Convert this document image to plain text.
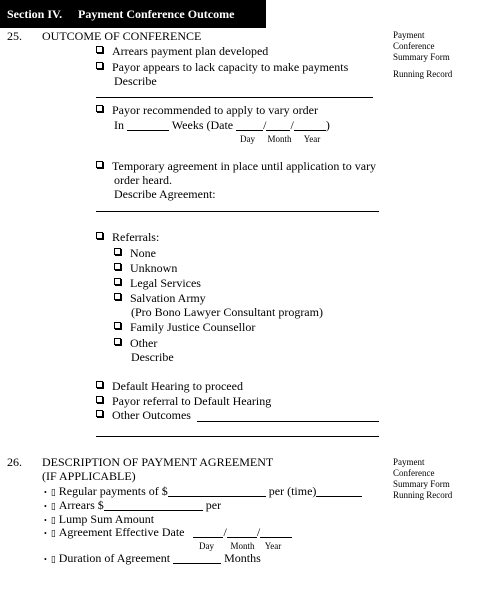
Section IV. Payment Conference Outcome
Payment
Conference
Summary Form
Running Record
25. OUTCOME OF CONFERENCE
Arrears payment plan developed
Payor appears to lack capacity to make payments
Describe
Payor recommended to apply to vary order
In	Weeks (Date	/ /	)
Day Month Year
Temporary agreement in place until application to vary
order heard.
Describe Agreement:
Referrals:
None
Unknown
Legal Services
Salvation Army
(Pro Bono Lawyer Consultant program)
Family Justice Counsellor
Other
Describe
Default Hearing to proceed
Payor referral to Default Hearing
Other Outcomes
Payment
Conference
Summary Form
Running Record
26. DESCRIPTION OF PAYMENT AGREEMENT
(IF APPLICABLE)
• ▯ Regular payments of $	per (time)
• ▯ Arrears $	per
• ▯ Lump Sum Amount
• ▯ Agreement Effective Date	/	/
Day Month Year
• ▯ Duration of Agreement	Months
